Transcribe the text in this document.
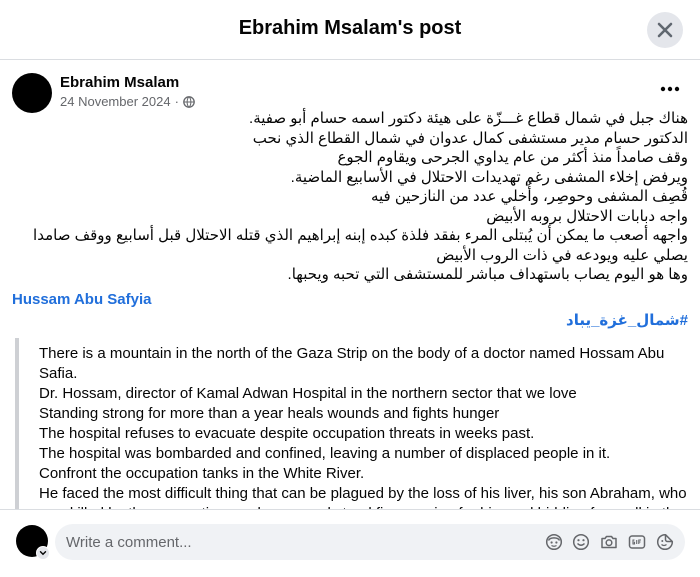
Ebrahim Msalam's post
Ebrahim Msalam
24 November 2024 ·
هناك جبل في شمال قطاع غـــزّة على هيئة دكتور اسمه حسام أبو صفية.
الدكتور حسام مدير مستشفى كمال عدوان في شمال القطاع الذي نحب
وقف صامداً منذ أكثر من عام يداوي الجرحى ويقاوم الجوع
ويرفض إخلاء المشفى رغم تهديدات الاحتلال في الأسابيع الماضية.
قُصِف المشفى وحوصِر، وأُخلي عدد من النازحين فيه
واجه دبابات الاحتلال بروبه الأبيض
واجهه أصعب ما يمكن أن يُبتلى المرء بفقد فلذة كبده إبنه إبراهيم الذي قتله الاحتلال قبل أسابيع ووقف صامدا
يصلي عليه ويودعه في ذات الروب الأبيض
وها هو اليوم يصاب باستهداف مباشر للمستشفى التي تحبه ويحبها.
Hussam Abu Safyia
#شمال_غزة_يباد
There is a mountain in the north of the Gaza Strip on the body of a doctor named Hossam Abu Safia.
Dr. Hossam, director of Kamal Adwan Hospital in the northern sector that we love
Standing strong for more than a year heals wounds and fights hunger
The hospital refuses to evacuate despite occupation threats in weeks past.
The hospital was bombarded and confined, leaving a number of displaced people in it.
Confront the occupation tanks in the White River.
He faced the most difficult thing that can be plagued by the loss of his liver, his son Abraham, who
Write a comment...
